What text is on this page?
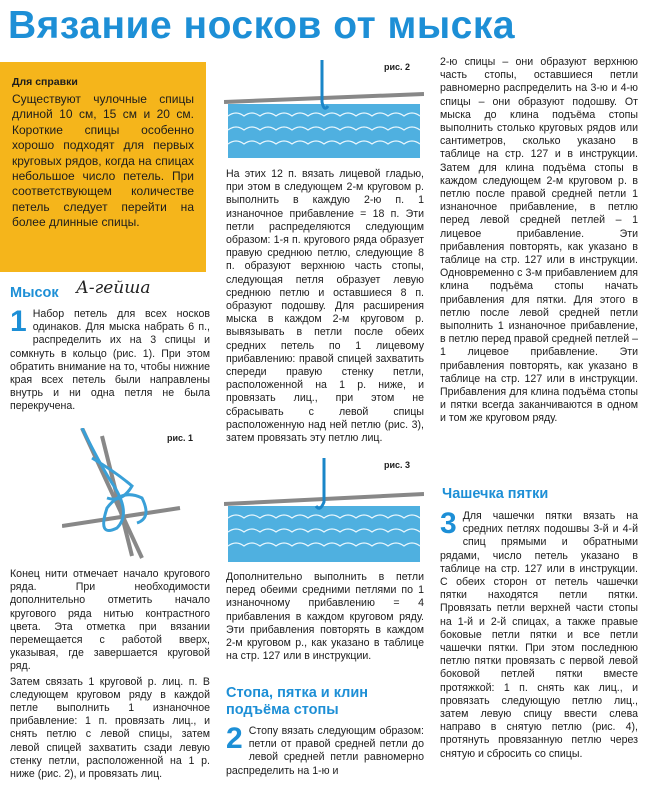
Вязание носков от мыска
Для справки

Существуют чулочные спицы длиной 10 см, 15 см и 20 см. Короткие спицы особенно хорошо подходят для первых круговых рядов, когда на спицах небольшое число петель. При соответствующем количестве петель следует перейти на более длинные спицы.

Мысок А-гейша
1 Набор петель для всех носков одинаков. Для мыска набрать 6 п., распределить их на 3 спицы и сомкнуть в кольцо (рис. 1). При этом обратить внимание на то, чтобы нижние края всех петель были направлены внутрь и ни одна петля не была перекручена.

рис. 1

Конец нити отмечает начало кругового ряда. При необходимости дополнительно отметить начало кругового ряда нитью контрастного цвета. Эта отметка при вязании перемещается с работой вверх, указывая, где завершается круговой ряд.

Затем связать 1 круговой р. лиц. п. В следующем круговом ряду в каждой петле выполнить 1 изнаночное прибавление: 1 п. провязать лиц., и снять петлю с левой спицы, затем левой спицей захватить сзади левую стенку петли, расположенной на 1 р. ниже (рис. 2), и провязать лиц.

рис. 2

На этих 12 п. вязать лицевой гладью, при этом в следующем 2-м круговом р. выполнить в каждую 2-ю п. 1 изнаночное прибавление = 18 п. Эти петли распределяются следующим образом: 1-я п. кругового ряда образует правую среднюю петлю, следующие 8 п. образуют верхнюю часть стопы, следующая петля образует левую среднюю петлю и оставшиеся 8 п. образуют подошву. Для расширения мыска в каждом 2-м круговом р. вывязывать в петли после обеих средних петель по 1 лицевому прибавлению: правой спицей захватить спереди правую стенку петли, расположенной на 1 р. ниже, и провязать лиц., при этом не сбрасывать с левой спицы расположенную над ней петлю (рис. 3), затем провязать эту петлю лиц.

рис. 3

Дополнительно выполнить в петли перед обеими средними петлями по 1 изнаночному прибавлению = 4 прибавления в каждом круговом ряду. Эти прибавления повторять в каждом 2-м круговом р., как указано в таблице на стр. 127 или в инструкции.

Стопа, пятка и клин подъёма стопы
2 Стопу вязать следующим образом: петли от правой средней петли до левой средней петли равномерно распределить на 1-ю и

2-ю спицы – они образуют верхнюю часть стопы, оставшиеся петли равномерно распределить на 3-ю и 4-ю спицы – они образуют подошву. От мыска до клина подъёма стопы выполнить столько круговых рядов или сантиметров, сколько указано в таблице на стр. 127 и в инструкции. Затем для клина подъёма стопы в каждом следующем 2-м круговом р. в петлю после правой средней петли 1 изнаночное прибавление, в петлю перед левой средней петлей – 1 лицевое прибавление. Эти прибавления повторять, как указано в таблице на стр. 127 или в инструкции. Одновременно с 3-м прибавлением для клина подъёма стопы начать прибавления для пятки. Для этого в петлю после левой средней петли выполнить 1 изнаночное прибавление, в петлю перед правой средней петлей – 1 лицевое прибавление. Эти прибавления повторять, как указано в таблице на стр. 127 или в инструкции. Прибавления для клина подъёма стопы и пятки всегда заканчиваются в одном и том же круговом ряду.

Чашечка пятки
3 Для чашечки пятки вязать на средних петлях подошвы 3-й и 4-й спиц прямыми и обратными рядами, число петель указано в таблице на стр. 127 или в инструкции. С обеих сторон от петель чашечки пятки находятся петли пятки. Провязать петли верхней части стопы на 1-й и 2-й спицах, а также правые боковые петли пятки и все петли чашечки пятки. При этом последнюю петлю пятки провязать с первой левой боковой петлей пятки вместе протяжкой: 1 п. снять как лиц., и провязать следующую петлю лиц., затем левую спицу ввести слева направо в снятую петлю (рис. 4), протянуть провязанную петлю через снятую и сбросить со спицы.
